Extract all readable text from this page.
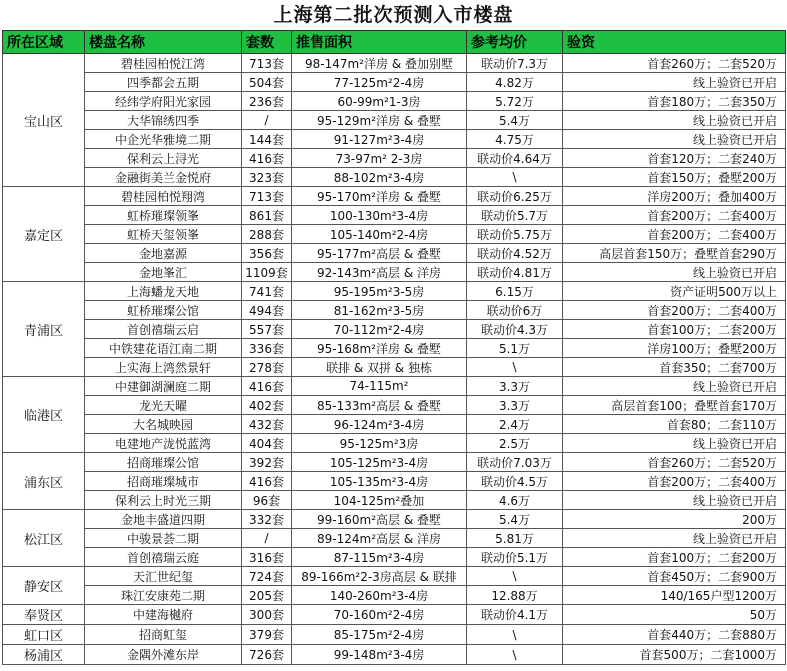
上海第二批次预测入市楼盘
所在区域	楼盘名称	套数	推售面积	参考均价	验资
宝山区	碧桂园柏悦江湾	713套	98-147m²洋房 & 叠加别墅	联动价7.3万	首套260万；二套520万
	四季都会五期	504套	77-125m²2-4房	4.82万	线上验资已开启
	经纬学府阳光家园	236套	60-99m²1-3房	5.72万	首套180万；二套350万
	大华锦绣四季	/	95-129m²洋房 & 叠墅	5.4万	线上验资已开启
	中企光华雅境二期	144套	91-127m²3-4房	4.75万	线上验资已开启
	保利云上浔光	416套	73-97m² 2-3房	联动价4.64万	首套120万；二套240万
	金融街美兰金悦府	323套	88-102m²3-4房	\	首套150万；叠墅200万
嘉定区	碧桂园柏悦翔湾	713套	95-170m²洋房 & 叠墅	联动价6.25万	洋房200万；叠加400万
	虹桥璀璨领峯	861套	100-130m²3-4房	联动价5.7万	首套200万；二套400万
	虹桥天玺领峯	288套	105-140m²2-4房	联动价5.75万	首套200万；二套400万
	金地嘉源	356套	95-177m²高层 & 叠墅	联动价4.52万	高层首套150万；叠墅首套290万
	金地峯汇	1109套	92-143m²高层 & 洋房	联动价4.81万	线上验资已开启
青浦区	上海蟠龙天地	741套	95-195m²3-5房	6.15万	资产证明500万以上
	虹桥璀璨公馆	494套	81-162m²3-5房	联动价6万	首套200万；二套400万
	首创禧瑞云启	557套	70-112m²2-4房	联动价4.3万	首套100万；二套200万
	中铁建花语江南二期	336套	95-168m²洋房 & 叠墅	5.1万	洋房100万；叠墅200万
	上实海上湾然景轩	278套	联排 & 双拼 & 独栋	\	首套350；二套700万
临港区	中建御湖澜庭二期	416套	74-115m²	3.3万	线上验资已开启
	龙光天曜	402套	85-133m²高层 & 叠墅	3.3万	高层首套100；叠墅首套170万
	大名城映园	432套	96-124m²3-4房	2.4万	首套80；二套110万
	电建地产泷悦蓝湾	404套	95-125m²3房	2.5万	线上验资已开启
浦东区	招商璀璨公馆	392套	105-125m²3-4房	联动价7.03万	首套260万；二套520万
	招商璀璨城市	416套	105-135m²3-4房	联动价4.5万	首套200万；二套400万
	保利云上时光三期	96套	104-125m²叠加	4.6万	线上验资已开启
松江区	金地丰盛道四期	332套	99-160m²高层 & 叠墅	5.4万	200万
	中骏景荟二期	/	89-124m²高层 & 洋房	5.81万	线上验资已开启
	首创禧瑞云庭	316套	87-115m²3-4房	联动价5.1万	首套100万；二套200万
静安区	天汇世纪玺	724套	89-166m²2-3房高层 & 联排	\	首套450万；二套900万
	珠江安康苑二期	205套	140-260m²3-4房	12.88万	140/165户型1200万
奉贤区	中建海樾府	300套	70-160m²2-4房	联动价4.1万	50万
虹口区	招商虹玺	379套	85-175m²2-4房	\	首套440万；二套880万
杨浦区	金隅外滩东岸	726套	99-148m²3-4房	\	首套500万；二套1000万
